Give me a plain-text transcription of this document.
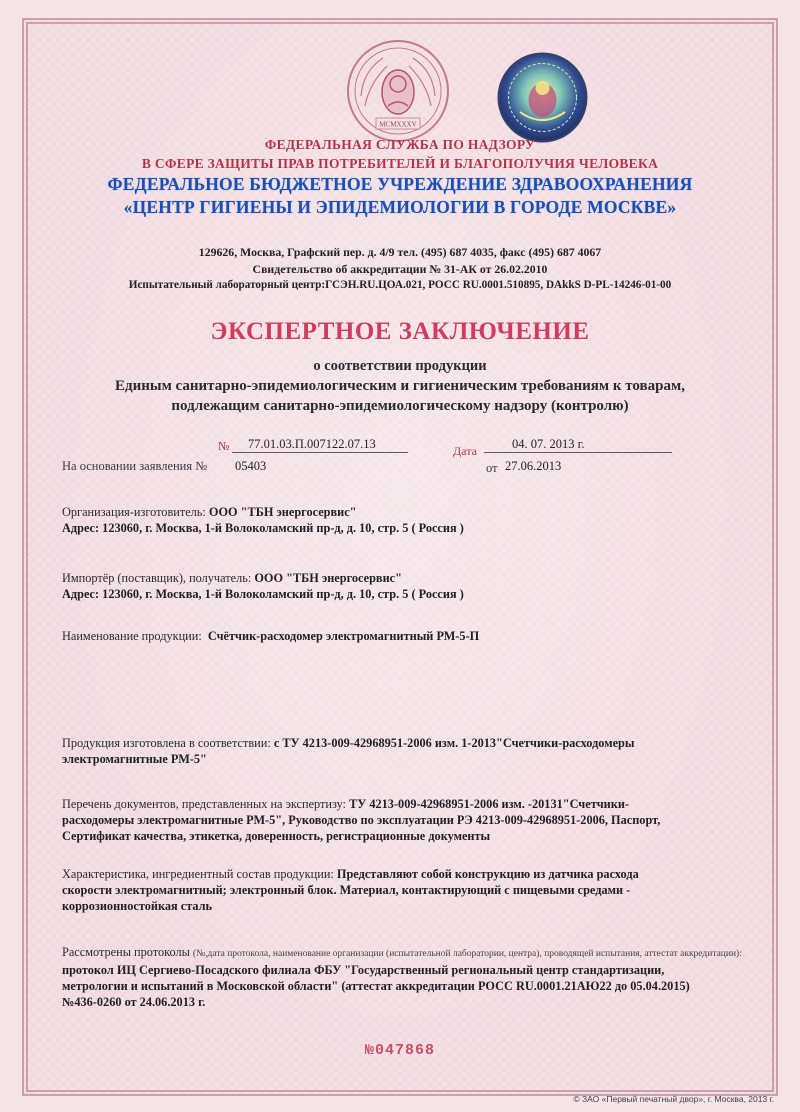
MCMXXXV
ФЕДЕРАЛЬНАЯ СЛУЖБА ПО НАДЗОРУ
В СФЕРЕ ЗАЩИТЫ ПРАВ ПОТРЕБИТЕЛЕЙ И БЛАГОПОЛУЧИЯ ЧЕЛОВЕКА
ФЕДЕРАЛЬНОЕ БЮДЖЕТНОЕ УЧРЕЖДЕНИЕ ЗДРАВООХРАНЕНИЯ
«ЦЕНТР ГИГИЕНЫ И ЭПИДЕМИОЛОГИИ В ГОРОДЕ МОСКВЕ»
129626, Москва, Графский пер. д. 4/9 тел. (495) 687 4035, факс (495) 687 4067
Свидетельство об аккредитации № 31-АК от 26.02.2010
Испытательный лабораторный центр:ГСЭН.RU.ЦОА.021, РОСС RU.0001.510895, DAkkS D-PL-14246-01-00
ЭКСПЕРТНОЕ ЗАКЛЮЧЕНИЕ
о соответствии продукции
Единым санитарно-эпидемиологическим и гигиеническим требованиям к товарам,
подлежащим санитарно-эпидемиологическому надзору (контролю)
№	77.01.03.П.007122.07.13	Дата	04. 07. 2013 г.
На основании заявления № 05403	от 27.06.2013
Организация-изготовитель: ООО "ТБН энергосервис"
Адрес: 123060, г. Москва, 1-й Волоколамский пр-д, д. 10, стр. 5 ( Россия )
Импортёр (поставщик), получатель: ООО "ТБН энергосервис"
Адрес: 123060, г. Москва, 1-й Волоколамский пр-д, д. 10, стр. 5 ( Россия )
Наименование продукции: Счётчик-расходомер электромагнитный РМ-5-П
Продукция изготовлена в соответствии: с ТУ 4213-009-42968951-2006 изм. 1-2013"Счетчики-расходомеры
электромагнитные РМ-5"
Перечень документов, представленных на экспертизу: ТУ 4213-009-42968951-2006 изм. -20131"Счетчики-
расходомеры электромагнитные РМ-5", Руководство по эксплуатации РЭ 4213-009-42968951-2006, Паспорт,
Сертификат качества, этикетка, доверенность, регистрационные документы
Характеристика, ингредиентный состав продукции: Представляют собой конструкцию из датчика расхода
скорости электромагнитный; электронный блок. Материал, контактирующий с пищевыми средами -
коррозионностойкая сталь
Рассмотрены протоколы (№,дата протокола, наименование организации (испытательной лаборатории, центра), проводящей испытания, аттестат аккредитации):
протокол ИЦ Сергиево-Посадского филиала ФБУ "Государственный региональный центр стандартизации,
метрологии и испытаний в Московской области" (аттестат аккредитации РОСС RU.0001.21АЮ22 до 05.04.2015)
№436-0260 от 24.06.2013 г.
№047868
© ЗАО «Первый печатный двор», г. Москва, 2013 г.
